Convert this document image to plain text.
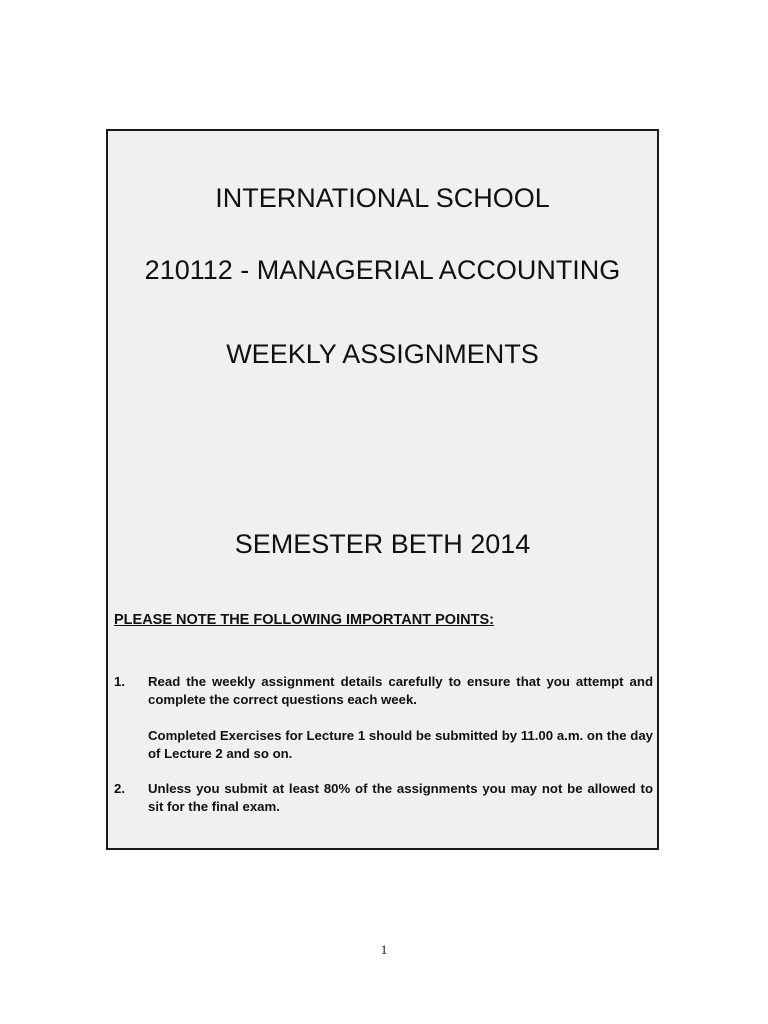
INTERNATIONAL SCHOOL
210112 - MANAGERIAL ACCOUNTING
WEEKLY ASSIGNMENTS
SEMESTER BETH 2014
PLEASE NOTE THE FOLLOWING IMPORTANT POINTS:
1. Read the weekly assignment details carefully to ensure that you attempt and complete the correct questions each week.
Completed Exercises for Lecture 1 should be submitted by 11.00 a.m. on the day of Lecture 2 and so on.
2. Unless you submit at least 80% of the assignments you may not be allowed to sit for the final exam.
1
